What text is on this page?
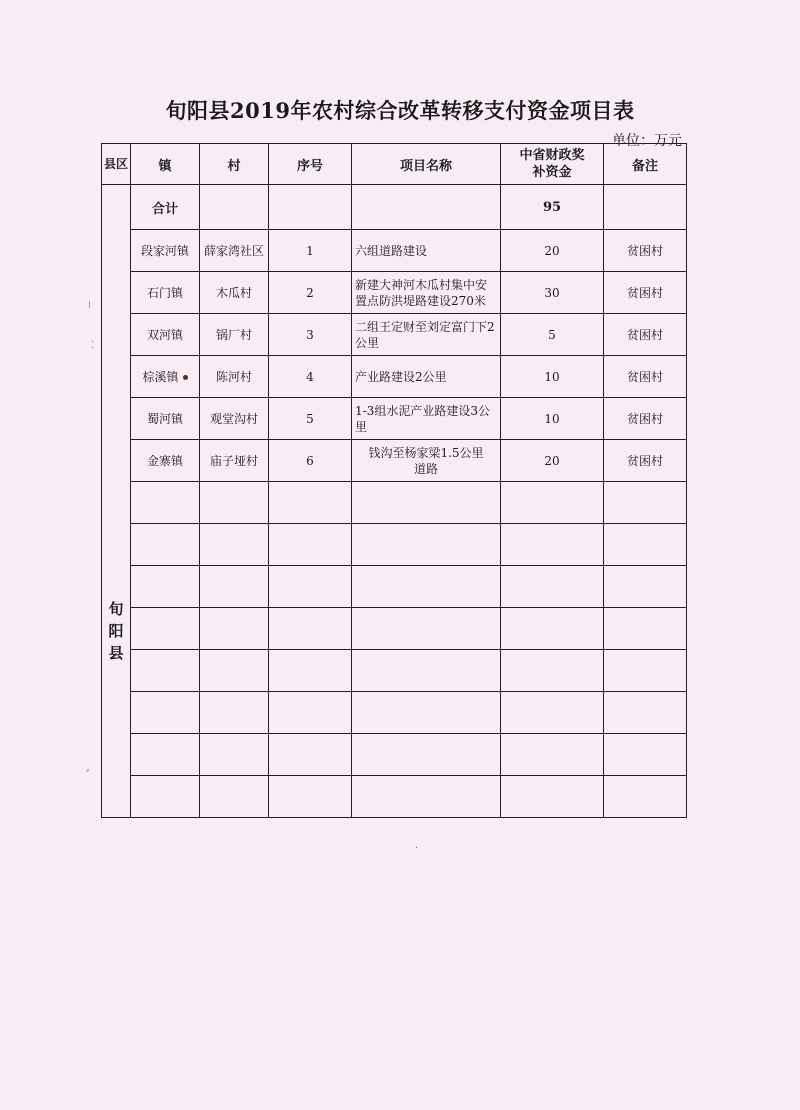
旬阳县2019年农村综合改革转移支付资金项目表
单位：万元
县区	镇	村	序号	项目名称	中省财政奖补资金	备注

旬阳县	合计				95	
	段家河镇	薛家湾社区	1	六组道路建设	20	贫困村
	石门镇	木瓜村	2	新建大神河木瓜村集中安置点防洪堤路建设270米	30	贫困村
	双河镇	锅厂村	3	二组王定财至刘定富门下2公里	5	贫困村
	棕溪镇	陈河村	4	产业路建设2公里	10	贫困村
	蜀河镇	观堂沟村	5	1-3组水泥产业路建设3公里	10	贫困村
	金寨镇	庙子垭村	6	钱沟至杨家梁1.5公里道路	20	贫困村

⁞
⁚
⸗
·
